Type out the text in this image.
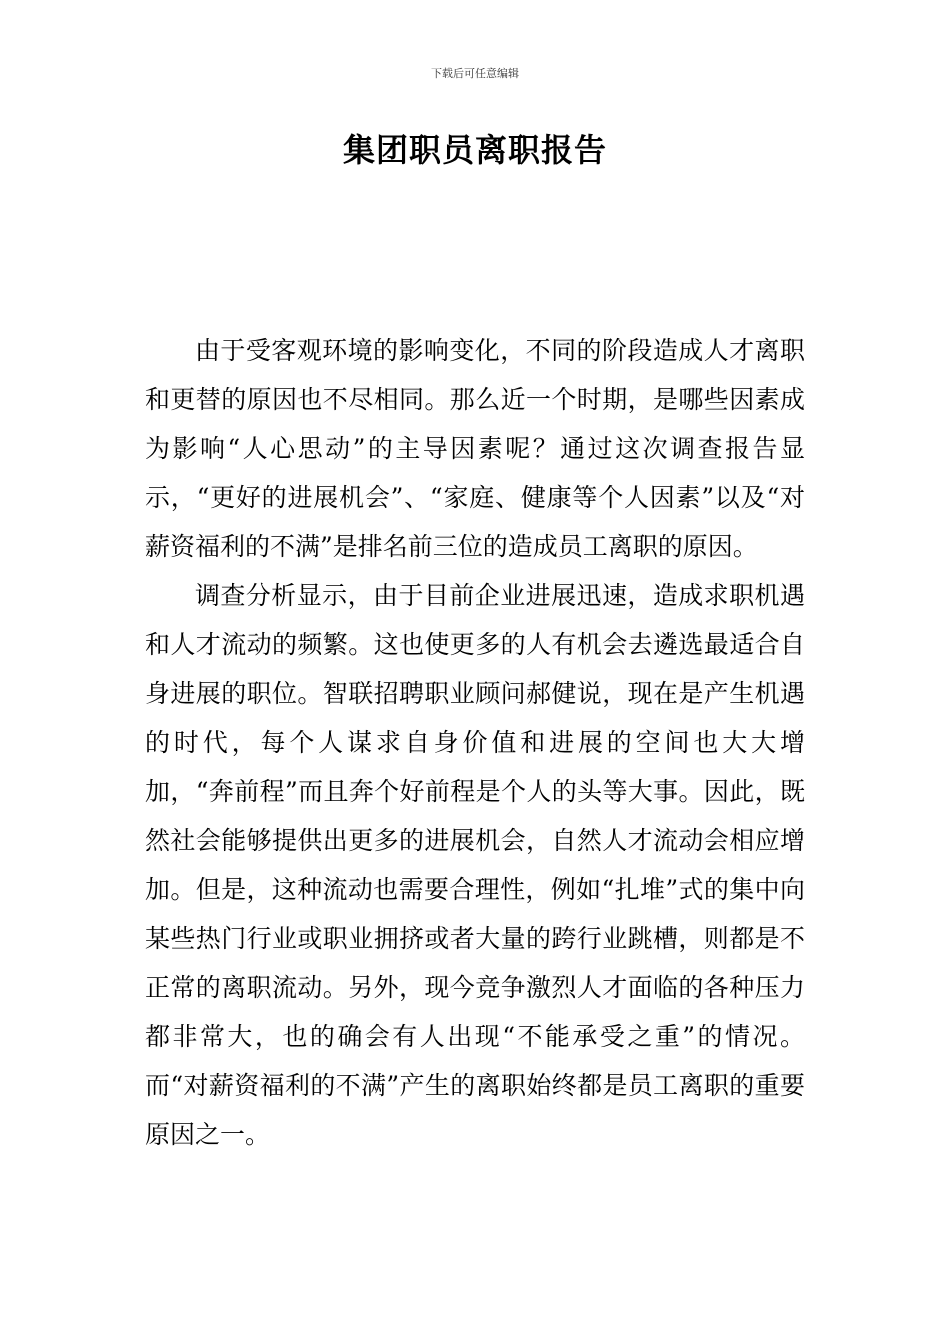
下载后可任意编辑
集团职员离职报告

由于受客观环境的影响变化，不同的阶段造成人才离职和更替的原因也不尽相同。那么近一个时期，是哪些因素成为影响“人心思动”的主导因素呢？通过这次调查报告显示，“更好的进展机会”、“家庭、健康等个人因素”以及“对薪资福利的不满”是排名前三位的造成员工离职的原因。

调查分析显示，由于目前企业进展迅速，造成求职机遇和人才流动的频繁。这也使更多的人有机会去遴选最适合自身进展的职位。智联招聘职业顾问郝健说，现在是产生机遇的时代，每个人谋求自身价值和进展的空间也大大增加，“奔前程”而且奔个好前程是个人的头等大事。因此，既然社会能够提供出更多的进展机会，自然人才流动会相应增加。但是，这种流动也需要合理性，例如“扎堆”式的集中向某些热门行业或职业拥挤或者大量的跨行业跳槽，则都是不正常的离职流动。另外，现今竞争激烈人才面临的各种压力都非常大，也的确会有人出现“不能承受之重”的情况。而“对薪资福利的不满”产生的离职始终都是员工离职的重要原因之一。
